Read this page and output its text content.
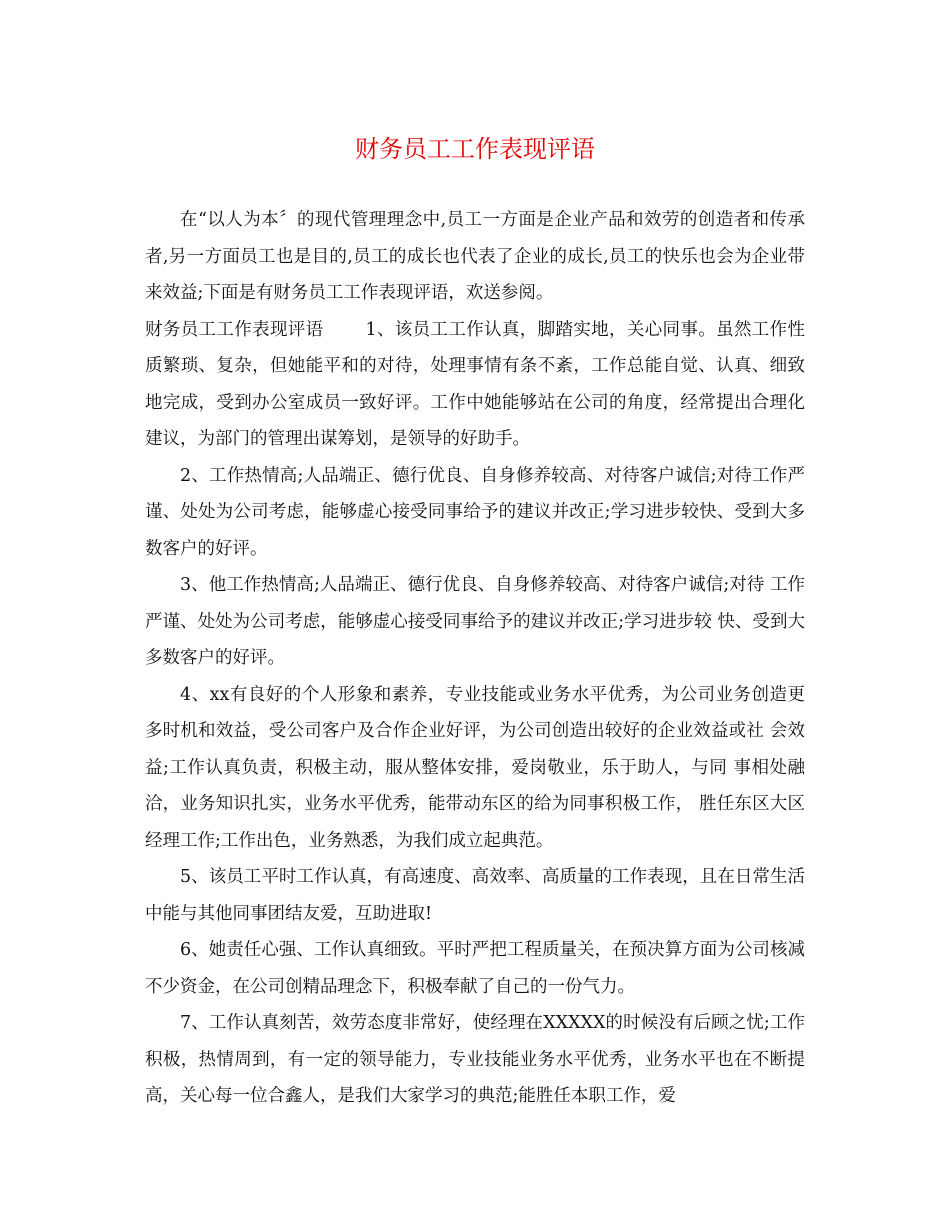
财务员工工作表现评语

在“以人为本〞的现代管理理念中,员工一方面是企业产品和效劳的创造者和传承者,另一方面员工也是目的,员工的成长也代表了企业的成长,员工的快乐也会为企业带来效益;下面是有财务员工工作表现评语，欢送参阅。

财务员工工作表现评语 1、该员工工作认真，脚踏实地，关心同事。虽然工作性质繁琐、复杂，但她能平和的对待，处理事情有条不紊，工作总能自觉、认真、细致地完成，受到办公室成员一致好评。工作中她能够站在公司的角度，经常提出合理化建议，为部门的管理出谋筹划，是领导的好助手。

2、工作热情高;人品端正、德行优良、自身修养较高、对待客户诚信;对待工作严谨、处处为公司考虑，能够虚心接受同事给予的建议并改正;学习进步较快、受到大多数客户的好评。

3、他工作热情高;人品端正、德行优良、自身修养较高、对待客户诚信;对待 工作严谨、处处为公司考虑，能够虚心接受同事给予的建议并改正;学习进步较 快、受到大多数客户的好评。

4、xx有良好的个人形象和素养，专业技能或业务水平优秀，为公司业务创造更 多时机和效益，受公司客户及合作企业好评，为公司创造出较好的企业效益或社 会效益;工作认真负责，积极主动，服从整体安排，爱岗敬业，乐于助人，与同 事相处融洽，业务知识扎实，业务水平优秀，能带动东区的给为同事积极工作， 胜任东区大区经理工作;工作出色，业务熟悉，为我们成立起典范。

5、该员工平时工作认真，有高速度、高效率、高质量的工作表现，且在日常生活中能与其他同事团结友爱，互助进取!

6、她责任心强、工作认真细致。平时严把工程质量关，在预决算方面为公司核减不少资金，在公司创精品理念下，积极奉献了自己的一份气力。

7、工作认真刻苦，效劳态度非常好，使经理在XXXXX的时候没有后顾之忧;工作积极，热情周到，有一定的领导能力，专业技能业务水平优秀，业务水平也在不断提高，关心每一位合鑫人，是我们大家学习的典范;能胜任本职工作，爱
